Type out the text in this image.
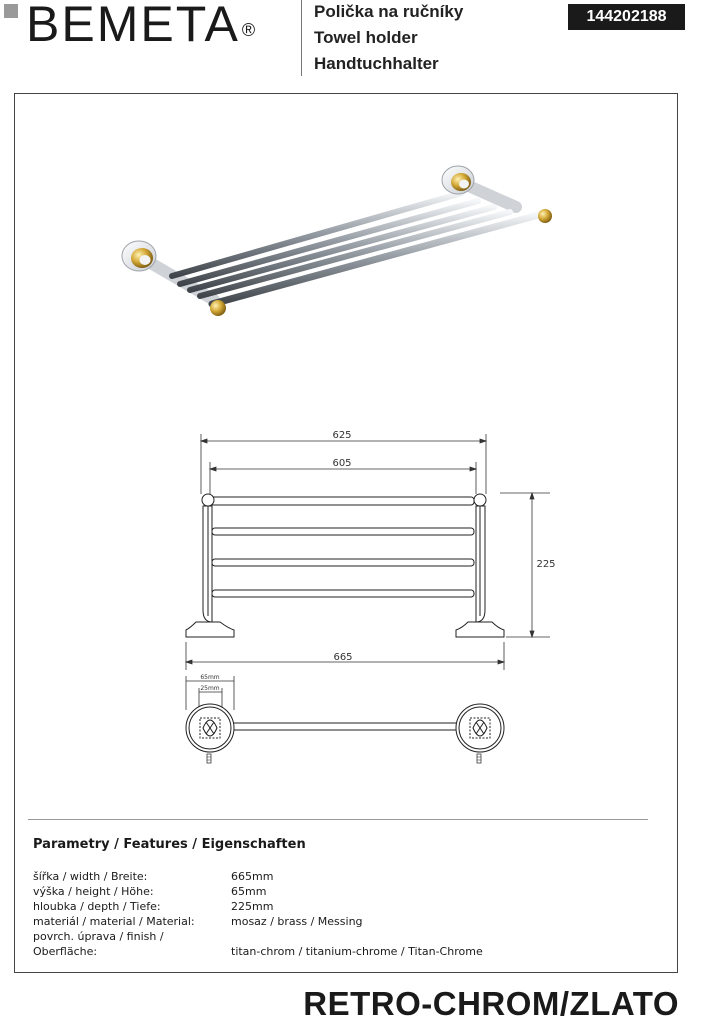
BEMETA ®
Polička na ručníky
Towel holder
Handtuchhalter
144202188
625
605
225
665
65mm
25mm
Parametry / Features / Eigenschaften
šířka / width / Breite:	665mm
výška / height / Höhe:	65mm
hloubka / depth / Tiefe:	225mm
materiál / material / Material:	mosaz / brass / Messing
povrch. úprava / finish / Oberfläche:	titan-chrom / titanium-chrome / Titan-Chrome
RETRO-CHROM/ZLATO
